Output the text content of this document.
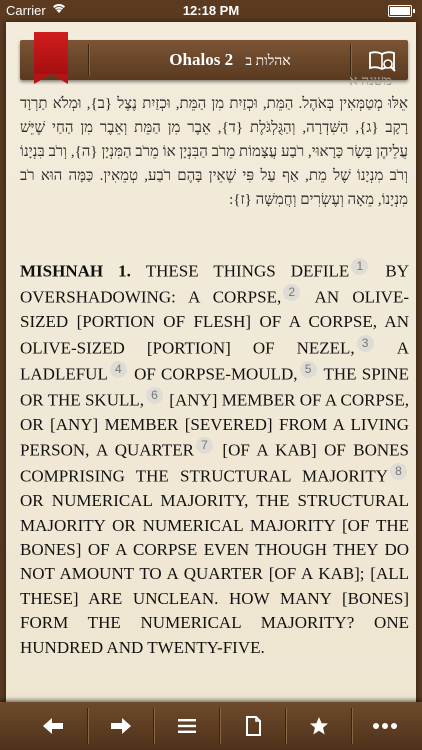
Carrier	12:18 PM
Ohalos 2 אהלות ב
משנה א
אֵלּוּ מְטַמְּאִין בְּאֹהֶל. הַמֵּת, וּכְזַיִת מִן הַמֵּת, וּכְזַיִת נֶצֶל {ב}, וּמְלֹא תַרְוָד רָקָב {ג}, הַשִּׁדְרָה, וְהַגֻּלְגֹּלֶת {ד}, אֵבֶר מִן הַמֵּת וְאֵבֶר מִן הַחַי שֶׁיֵּשׁ עֲלֵיהֶן בָּשָׂר כָּרָאוּי, רֹבַע עֲצָמוֹת מֵרֹב הַבִּנְיָן אוֹ מֵרֹב הַמִּנְיָן {ה}, וְרֹב בִּנְיָנוֹ וְרֹב מִנְיָנוֹ שֶׁל מֵת, אַף עַל פִּי שֶׁאֵין בָּהֶם רֹבַע, טְמֵאִין. כַּמָּה הוּא רֹב מִנְיָנוֹ, מֵאָה וְעֶשְׂרִים וְחֲמִשָּׁה {ז}:
MISHNAH 1. THESE THINGS DEFILE 1 BY OVERSHADOWING: A CORPSE, 2 AN OLIVE-SIZED [PORTION OF FLESH] OF A CORPSE, AN OLIVE-SIZED [PORTION] OF NEZEL, 3 A LADLEFUL 4 OF CORPSE-MOULD, 5 THE SPINE OR THE SKULL, 6 [ANY] MEMBER OF A CORPSE, OR [ANY] MEMBER [SEVERED] FROM A LIVING PERSON, A QUARTER 7 [OF A KAB] OF BONES COMPRISING THE STRUCTURAL MAJORITY 8 OR NUMERICAL MAJORITY, THE STRUCTURAL MAJORITY OR NUMERICAL MAJORITY [OF THE BONES] OF A CORPSE EVEN THOUGH THEY DO NOT AMOUNT TO A QUARTER [OF A KAB]; [ALL THESE] ARE UNCLEAN. HOW MANY [BONES] FORM THE NUMERICAL MAJORITY? ONE HUNDRED AND TWENTY-FIVE.
